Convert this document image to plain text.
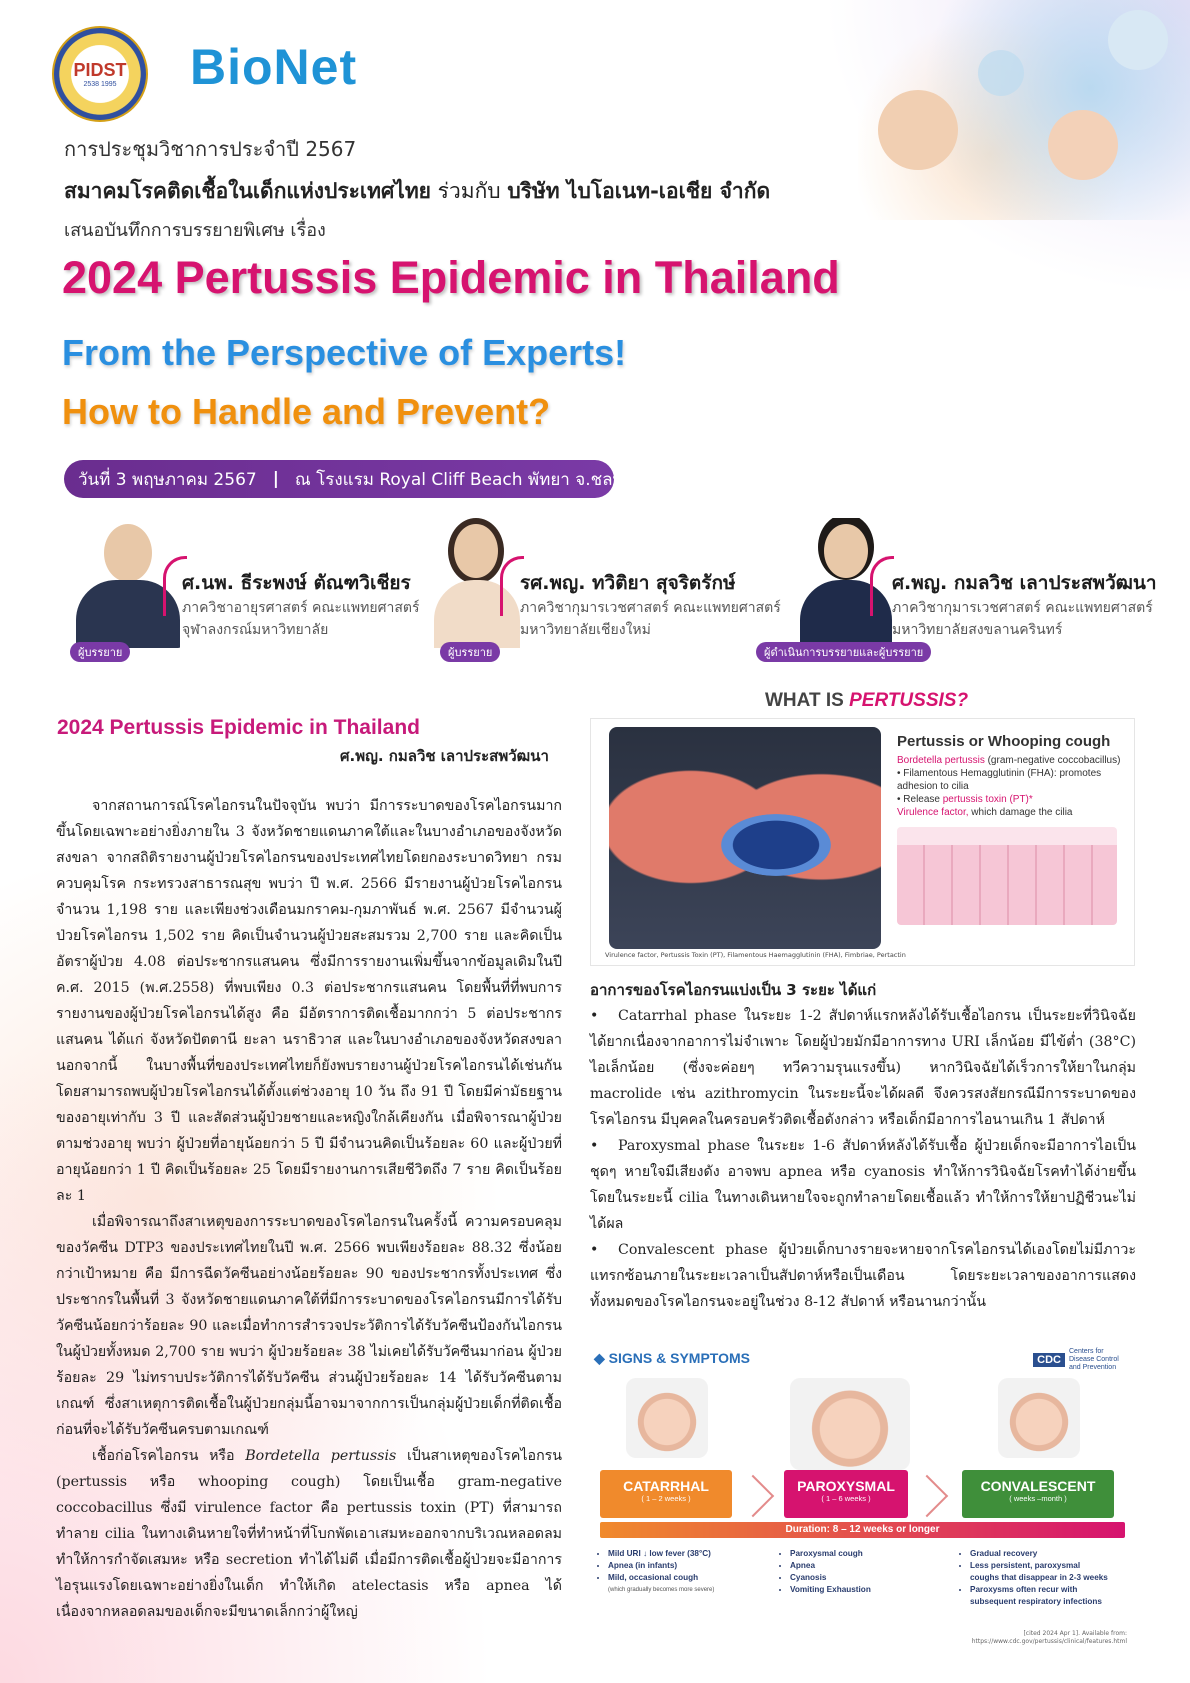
PIDST
2538 1995 BioNet
การประชุมวิชาการประจำปี 2567
สมาคมโรคติดเชื้อในเด็กแห่งประเทศไทย ร่วมกับ บริษัท ไบโอเนท-เอเชีย จำกัด
เสนอบันทึกการบรรยายพิเศษ เรื่อง
2024 Pertussis Epidemic in Thailand
From the Perspective of Experts!
How to Handle and Prevent?
วันที่ 3 พฤษภาคม 2567 | ณ โรงแรม Royal Cliff Beach พัทยา จ.ชลบุรี
ผู้บรรยาย
ศ.นพ. ธีระพงษ์ ตัณฑวิเชียร
ภาควิชาอายุรศาสตร์ คณะแพทยศาสตร์
จุฬาลงกรณ์มหาวิทยาลัย
ผู้บรรยาย
รศ.พญ. ทวิติยา สุจริตรักษ์
ภาควิชากุมารเวชศาสตร์ คณะแพทยศาสตร์
มหาวิทยาลัยเชียงใหม่
ผู้ดำเนินการบรรยายและผู้บรรยาย
ศ.พญ. กมลวิช เลาประสพวัฒนา
ภาควิชากุมารเวชศาสตร์ คณะแพทยศาสตร์
มหาวิทยาลัยสงขลานครินทร์
2024 Pertussis Epidemic in Thailand
ศ.พญ. กมลวิช เลาประสพวัฒนา

จากสถานการณ์โรคไอกรนในปัจจุบัน พบว่า มีการระบาดของโรคไอกรนมากขึ้นโดยเฉพาะอย่างยิ่งภายใน 3 จังหวัดชายแดนภาคใต้และในบางอำเภอของจังหวัดสงขลา จากสถิติรายงานผู้ป่วยโรคไอกรนของประเทศไทยโดยกองระบาดวิทยา กรมควบคุมโรค กระทรวงสาธารณสุข พบว่า ปี พ.ศ. 2566 มีรายงานผู้ป่วยโรคไอกรนจำนวน 1,198 ราย และเพียงช่วงเดือนมกราคม-กุมภาพันธ์ พ.ศ. 2567 มีจำนวนผู้ป่วยโรคไอกรน 1,502 ราย คิดเป็นจำนวนผู้ป่วยสะสมรวม 2,700 ราย และคิดเป็นอัตราผู้ป่วย 4.08 ต่อประชากรแสนคน ซึ่งมีการรายงานเพิ่มขึ้นจากข้อมูลเดิมในปี ค.ศ. 2015 (พ.ศ.2558) ที่พบเพียง 0.3 ต่อประชากรแสนคน โดยพื้นที่ที่พบการรายงานของผู้ป่วยโรคไอกรนได้สูง คือ มีอัตราการติดเชื้อมากกว่า 5 ต่อประชากรแสนคน ได้แก่ จังหวัดปัตตานี ยะลา นราธิวาส และในบางอำเภอของจังหวัดสงขลา นอกจากนี้ ในบางพื้นที่ของประเทศไทยก็ยังพบรายงานผู้ป่วยโรคไอกรนได้เช่นกัน โดยสามารถพบผู้ป่วยโรคไอกรนได้ตั้งแต่ช่วงอายุ 10 วัน ถึง 91 ปี โดยมีค่ามัธยฐานของอายุเท่ากับ 3 ปี และสัดส่วนผู้ป่วยชายและหญิงใกล้เคียงกัน เมื่อพิจารณาผู้ป่วยตามช่วงอายุ พบว่า ผู้ป่วยที่อายุน้อยกว่า 5 ปี มีจำนวนคิดเป็นร้อยละ 60 และผู้ป่วยที่อายุน้อยกว่า 1 ปี คิดเป็นร้อยละ 25 โดยมีรายงานการเสียชีวิตถึง 7 ราย คิดเป็นร้อยละ 1

เมื่อพิจารณาถึงสาเหตุของการระบาดของโรคไอกรนในครั้งนี้ ความครอบคลุมของวัคซีน DTP3 ของประเทศไทยในปี พ.ศ. 2566 พบเพียงร้อยละ 88.32 ซึ่งน้อยกว่าเป้าหมาย คือ มีการฉีดวัคซีนอย่างน้อยร้อยละ 90 ของประชากรทั้งประเทศ ซึ่งประชากรในพื้นที่ 3 จังหวัดชายแดนภาคใต้ที่มีการระบาดของโรคไอกรนมีการได้รับวัคซีนน้อยกว่าร้อยละ 90 และเมื่อทำการสำรวจประวัติการได้รับวัคซีนป้องกันไอกรนในผู้ป่วยทั้งหมด 2,700 ราย พบว่า ผู้ป่วยร้อยละ 38 ไม่เคยได้รับวัคซีนมาก่อน ผู้ป่วยร้อยละ 29 ไม่ทราบประวัติการได้รับวัคซีน ส่วนผู้ป่วยร้อยละ 14 ได้รับวัคซีนตามเกณฑ์ ซึ่งสาเหตุการติดเชื้อในผู้ป่วยกลุ่มนี้อาจมาจากการเป็นกลุ่มผู้ป่วยเด็กที่ติดเชื้อก่อนที่จะได้รับวัคซีนครบตามเกณฑ์

เชื้อก่อโรคไอกรน หรือ Bordetella pertussis เป็นสาเหตุของโรคไอกรน (pertussis หรือ whooping cough) โดยเป็นเชื้อ gram-negative coccobacillus ซึ่งมี virulence factor คือ pertussis toxin (PT) ที่สามารถทำลาย cilia ในทางเดินหายใจที่ทำหน้าที่โบกพัดเอาเสมหะออกจากบริเวณหลอดลม ทำให้การกำจัดเสมหะ หรือ secretion ทำได้ไม่ดี เมื่อมีการติดเชื้อผู้ป่วยจะมีอาการไอรุนแรงโดยเฉพาะอย่างยิ่งในเด็ก ทำให้เกิด atelectasis หรือ apnea ได้ เนื่องจากหลอดลมของเด็กจะมีขนาดเล็กกว่าผู้ใหญ่

WHAT IS PERTUSSIS?
Virulence factor, Pertussis Toxin (PT), Filamentous Haemagglutinin (FHA), Fimbriae, Pertactin
Pertussis or Whooping cough
Bordetella pertussis (gram-negative coccobacillus)
• Filamentous Hemagglutinin (FHA): promotes adhesion to cilia
• Release pertussis toxin (PT)*
Virulence factor, which damage the cilia
อาการของโรคไอกรนแบ่งเป็น 3 ระยะ ได้แก่
• Catarrhal phase ในระยะ 1-2 สัปดาห์แรกหลังได้รับเชื้อไอกรน เป็นระยะที่วินิจฉัยได้ยากเนื่องจากอาการไม่จำเพาะ โดยผู้ป่วยมักมีอาการทาง URI เล็กน้อย มีไข้ต่ำ (38°C) ไอเล็กน้อย (ซึ่งจะค่อยๆ ทวีความรุนแรงขึ้น) หากวินิจฉัยได้เร็วการให้ยาในกลุ่ม macrolide เช่น azithromycin ในระยะนี้จะได้ผลดี จึงควรสงสัยกรณีมีการระบาดของโรคไอกรน มีบุคคลในครอบครัวติดเชื้อดังกล่าว หรือเด็กมีอาการไอนานเกิน 1 สัปดาห์
• Paroxysmal phase ในระยะ 1-6 สัปดาห์หลังได้รับเชื้อ ผู้ป่วยเด็กจะมีอาการไอเป็นชุดๆ หายใจมีเสียงดัง อาจพบ apnea หรือ cyanosis ทำให้การวินิจฉัยโรคทำได้ง่ายขึ้น โดยในระยะนี้ cilia ในทางเดินหายใจจะถูกทำลายโดยเชื้อแล้ว ทำให้การให้ยาปฏิชีวนะไม่ได้ผล
• Convalescent phase ผู้ป่วยเด็กบางรายจะหายจากโรคไอกรนได้เองโดยไม่มีภาวะแทรกซ้อนภายในระยะเวลาเป็นสัปดาห์หรือเป็นเดือน โดยระยะเวลาของอาการแสดงทั้งหมดของโรคไอกรนจะอยู่ในช่วง 8-12 สัปดาห์ หรือนานกว่านั้น
◆ SIGNS & SYMPTOMS	CDC
Centers for Disease Control and Prevention
CATARRHAL
( 1 – 2 weeks )
PAROXYSMAL
( 1 – 6 weeks )
CONVALESCENT
( weeks –month )
Duration: 8 – 12 weeks or longer
• Mild URI ↓ low fever (38°C)
• Apnea (in infants)
• Mild, occasional cough
(which gradually becomes more severe)
• Paroxysmal cough
• Apnea
• Cyanosis
• Vomiting Exhaustion
• Gradual recovery
• Less persistent, paroxysmal coughs that disappear in 2-3 weeks
• Paroxysms often recur with subsequent respiratory infections
[cited 2024 Apr 1]. Available from:
https://www.cdc.gov/pertussis/clinical/features.html
